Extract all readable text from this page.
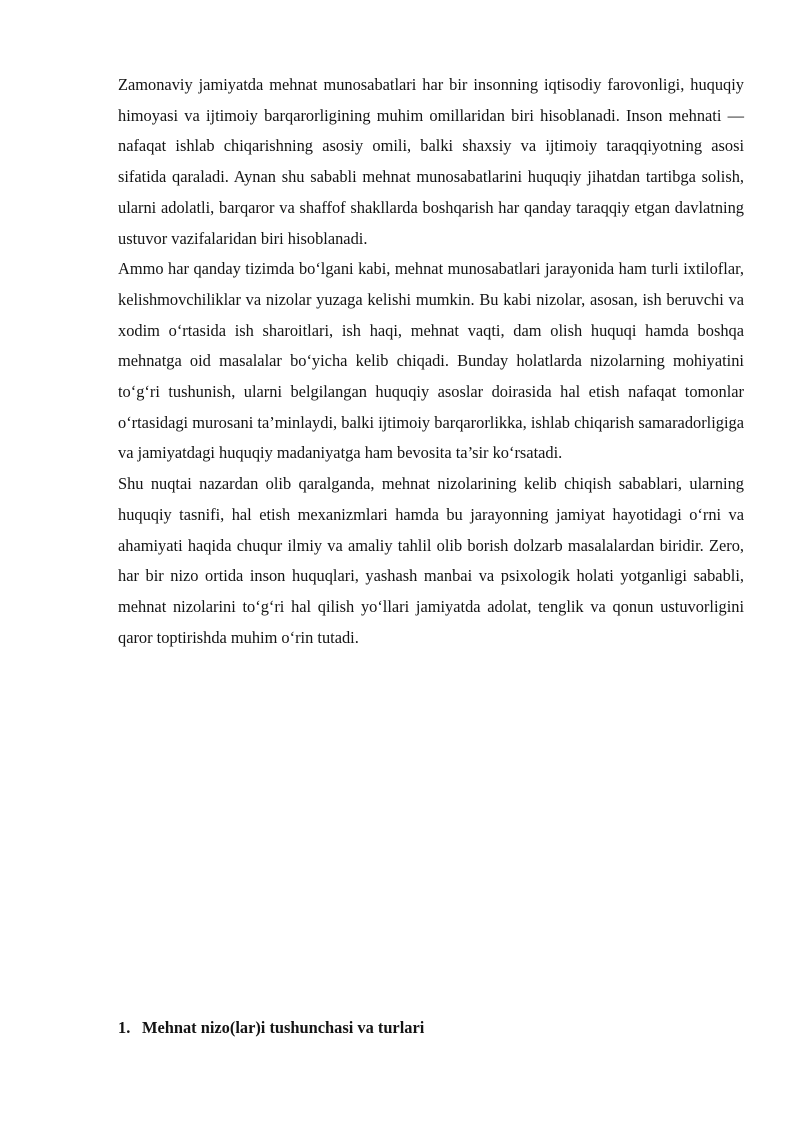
Zamonaviy jamiyatda mehnat munosabatlari har bir insonning iqtisodiy farovonligi, huquqiy himoyasi va ijtimoiy barqarorligining muhim omillaridan biri hisoblanadi. Inson mehnati — nafaqat ishlab chiqarishning asosiy omili, balki shaxsiy va ijtimoiy taraqqiyotning asosi sifatida qaraladi. Aynan shu sababli mehnat munosabatlarini huquqiy jihatdan tartibga solish, ularni adolatli, barqaror va shaffof shakllarda boshqarish har qanday taraqqiy etgan davlatning ustuvor vazifalaridan biri hisoblanadi.

Ammo har qanday tizimda bo‘lgani kabi, mehnat munosabatlari jarayonida ham turli ixtiloflar, kelishmovchiliklar va nizolar yuzaga kelishi mumkin. Bu kabi nizolar, asosan, ish beruvchi va xodim o‘rtasida ish sharoitlari, ish haqi, mehnat vaqti, dam olish huquqi hamda boshqa mehnatga oid masalalar bo‘yicha kelib chiqadi. Bunday holatlarda nizolarning mohiyatini to‘g‘ri tushunish, ularni belgilangan huquqiy asoslar doirasida hal etish nafaqat tomonlar o‘rtasidagi murosani ta’minlaydi, balki ijtimoiy barqarorlikka, ishlab chiqarish samaradorligiga va jamiyatdagi huquqiy madaniyatga ham bevosita ta’sir ko‘rsatadi.

Shu nuqtai nazardan olib qaralganda, mehnat nizolarining kelib chiqish sabablari, ularning huquqiy tasnifi, hal etish mexanizmlari hamda bu jarayonning jamiyat hayotidagi o‘rni va ahamiyati haqida chuqur ilmiy va amaliy tahlil olib borish dolzarb masalalardan biridir. Zero, har bir nizo ortida inson huquqlari, yashash manbai va psixologik holati yotganligi sababli, mehnat nizolarini to‘g‘ri hal qilish yo‘llari jamiyatda adolat, tenglik va qonun ustuvorligini qaror toptirishda muhim o‘rin tutadi.

1. Mehnat nizo(lar)i tushunchasi va turlari
